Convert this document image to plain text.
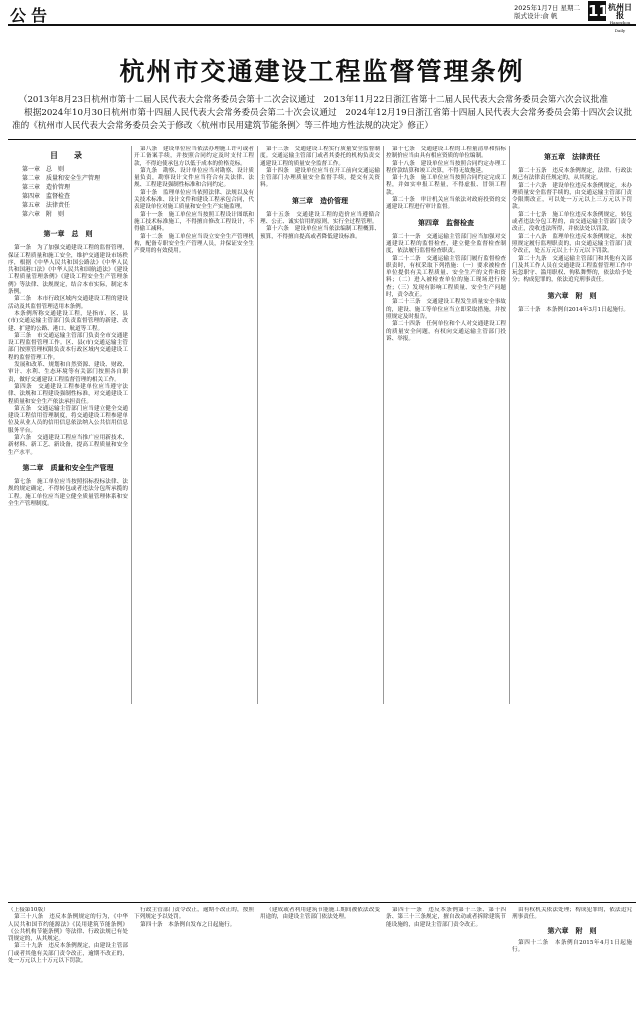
公告	2025年1月7日 星期二
版式设计:俞 帆	11 杭州日报
Hangzhou Daily
杭州市交通建设工程监督管理条例

（2013年8月23日杭州市第十二届人民代表大会常务委员会第十二次会议通过　2013年11月22日浙江省第十二届人民代表大会常务委员会第六次会议批准

根据2024年10月30日杭州市第十四届人民代表大会常务委员会第二十次会议通过　2024年12月19日浙江省第十四届人民代表大会常务委员会第十四次会议批准的《杭州市人民代表大会常务委员会关于修改〈杭州市民用建筑节能条例〉等三件地方性法规的决定》修正）

目　录
第一章　总　则
第二章　质量和安全生产管理
第三章　造价管理
第四章　监督检查
第五章　法律责任
第六章　附　则
第一章　总　则

第一条　为了加强交通建设工程的监督管理，保证工程质量和施工安全，维护交通建设市场秩序，根据《中华人民共和国公路法》《中华人民共和国港口法》《中华人民共和国航道法》《建设工程质量管理条例》《建设工程安全生产管理条例》等法律、法规规定，结合本市实际，制定本条例。

第二条　本市行政区域内交通建设工程的建设活动及其监督管理适用本条例。

本条例所称交通建设工程，是指市、区、县(市)交通运输主管部门负责监督管理的新建、改建、扩建的公路、港口、航道等工程。

第三条　市交通运输主管部门负责全市交通建设工程监督管理工作。区、县(市)交通运输主管部门按照管理权限负责本行政区域内交通建设工程的监督管理工作。

发展和改革、规划和自然资源、建设、财政、审计、水利、生态环境等有关部门按照各自职责，做好交通建设工程监督管理的相关工作。

第四条　交通建设工程参建单位应当遵守法律、法规和工程建设强制性标准，对交通建设工程质量和安全生产依法承担责任。

第五条　交通运输主管部门应当建立健全交通建设工程信用管理制度，将交通建设工程参建单位及从业人员的信用信息依法纳入公共信用信息服务平台。

第六条　交通建设工程应当推广应用新技术、新材料、新工艺、新设备，提高工程质量和安全生产水平。

第二章　质量和安全生产管理

第七条　施工单位应当按照招标投标法律、法规的规定确定，不得转包或者违法分包所承揽的工程。施工单位应当建立健全质量管理体系和安全生产管理制度。

第八条　建设单位应当依法办理施工许可或者开工备案手续，并按照合同约定及时支付工程款，不得迫使承包方以低于成本的价格竞标。

第九条　勘察、设计单位应当对勘察、设计质量负责，勘察设计文件应当符合有关法律、法规、工程建设强制性标准和合同约定。

第十条　监理单位应当依照法律、法规以及有关技术标准、设计文件和建设工程承包合同，代表建设单位对施工质量和安全生产实施监理。

第十一条　施工单位应当按照工程设计图纸和施工技术标准施工，不得擅自修改工程设计，不得偷工减料。

第十二条　施工单位应当设立安全生产管理机构，配备专职安全生产管理人员，并保证安全生产费用的有效使用。

第十三条　交通建设工程实行质量安全监督制度。交通运输主管部门或者其委托的机构负责交通建设工程的质量安全监督工作。

第十四条　建设单位应当在开工前向交通运输主管部门办理质量安全监督手续，提交有关资料。

第三章　造价管理

第十五条　交通建设工程的造价应当遵循合理、公正、诚实信用的原则，实行全过程管理。

第十六条　建设单位应当依法编制工程概算、预算，不得擅自提高或者降低建设标准。

第十七条　交通建设工程的工程量清单和招标控制价应当由具有相应资质的单位编制。

第十八条　建设单位应当按照合同约定办理工程价款结算和竣工决算，不得无故拖延。

第十九条　施工单位应当按照合同约定完成工程，并如实申报工程量，不得虚报、冒领工程款。

第二十条　审计机关应当依法对政府投资的交通建设工程进行审计监督。

第四章　监督检查

第二十一条　交通运输主管部门应当加强对交通建设工程的监督检查，建立健全监督检查制度，依法履行监督检查职责。

第二十二条　交通运输主管部门履行监督检查职责时，有权采取下列措施：（一）要求被检查单位提供有关工程质量、安全生产的文件和资料；（二）进入被检查单位的施工现场进行检查；（三）发现有影响工程质量、安全生产问题时，责令改正。

第二十三条　交通建设工程发生质量安全事故的，建设、施工等单位应当立即采取措施，并按照规定及时报告。

第二十四条　任何单位和个人对交通建设工程的质量安全问题，有权向交通运输主管部门投诉、举报。

第五章　法律责任

第二十五条　违反本条例规定，法律、行政法规已有法律责任规定的，从其规定。

第二十六条　建设单位违反本条例规定，未办理质量安全监督手续的，由交通运输主管部门责令限期改正，可以处一万元以上三万元以下罚款。

第二十七条　施工单位违反本条例规定，转包或者违法分包工程的，由交通运输主管部门责令改正，没收违法所得，并依法处以罚款。

第二十八条　监理单位违反本条例规定，未按照规定履行监理职责的，由交通运输主管部门责令改正，处五万元以上十万元以下罚款。

第二十九条　交通运输主管部门和其他有关部门及其工作人员在交通建设工程监督管理工作中玩忽职守、滥用职权、徇私舞弊的，依法给予处分；构成犯罪的，依法追究刑事责任。

第六章　附　则

第三十条　本条例自2014年3月1日起施行。

（上接第10版）

第三十八条　违反本条例规定的行为，《中华人民共和国节约能源法》《民用建筑节能条例》《公共机构节能条例》等法律、行政法规已有处罚规定的，从其规定。

第三十九条　违反本条例规定，由建设主管部门或者其他有关部门责令改正，逾期不改正的，处一万元以上十万元以下罚款。

行政主管部门责令改正，逾期不改正的，按照下列规定予以处罚。

第四十条　本条例自发布之日起施行。

（建成或者利用建筑节能施工期间被依法改变用途的，由建设主管部门依法处理。

第四十一条　违反本条例第十三条、第十四条、第三十三条规定，擅自改动或者拆除建筑节能设施的，由建设主管部门责令改正。

由有权机关依法处理；构成犯罪的，依法追究刑事责任。

第六章　附　则

第四十二条　本条例自2015年4月1日起施行。
